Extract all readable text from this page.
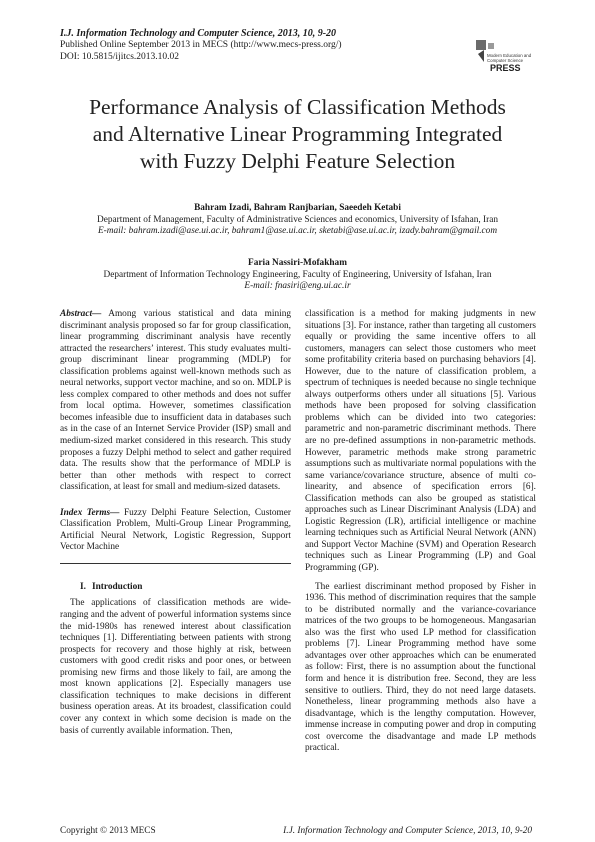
I.J. Information Technology and Computer Science, 2013, 10, 9-20
Published Online September 2013 in MECS (http://www.mecs-press.org/)
DOI: 10.5815/ijitcs.2013.10.02	Modern Education and
Computer Science
PRESS
Performance Analysis of Classification Methods
and Alternative Linear Programming Integrated
with Fuzzy Delphi Feature Selection
Bahram Izadi, Bahram Ranjbarian, Saeedeh Ketabi
Department of Management, Faculty of Administrative Sciences and economics, University of Isfahan, Iran
E-mail: bahram.izadi@ase.ui.ac.ir, bahram1@ase.ui.ac.ir, sketabi@ase.ui.ac.ir, izady.bahram@gmail.com
Faria Nassiri-Mofakham
Department of Information Technology Engineering, Faculty of Engineering, University of Isfahan, Iran
E-mail: fnasiri@eng.ui.ac.ir

Abstract— Among various statistical and data mining discriminant analysis proposed so far for group classification, linear programming discriminant analysis have recently attracted the researchers’ interest. This study evaluates multi-group discriminant linear programming (MDLP) for classification problems against well-known methods such as neural networks, support vector machine, and so on. MDLP is less complex compared to other methods and does not suffer from local optima. However, sometimes classification becomes infeasible due to insufficient data in databases such as in the case of an Internet Service Provider (ISP) small and medium-sized market considered in this research. This study proposes a fuzzy Delphi method to select and gather required data. The results show that the performance of MDLP is better than other methods with respect to correct classification, at least for small and medium-sized datasets.

Index Terms— Fuzzy Delphi Feature Selection, Customer Classification Problem, Multi-Group Linear Programming, Artificial Neural Network, Logistic Regression, Support Vector Machine

I. Introduction

The applications of classification methods are wide-ranging and the advent of powerful information systems since the mid-1980s has renewed interest about classification techniques [1]. Differentiating between patients with strong prospects for recovery and those highly at risk, between customers with good credit risks and poor ones, or between promising new firms and those likely to fail, are among the most known applications [2]. Especially managers use classification techniques to make decisions in different business operation areas. At its broadest, classification could cover any context in which some decision is made on the basis of currently available information. Then,

classification is a method for making judgments in new situations [3]. For instance, rather than targeting all customers equally or providing the same incentive offers to all customers, managers can select those customers who meet some profitability criteria based on purchasing behaviors [4]. However, due to the nature of classification problem, a spectrum of techniques is needed because no single technique always outperforms others under all situations [5]. Various methods have been proposed for solving classification problems which can be divided into two categories: parametric and non-parametric discriminant methods. There are no pre-defined assumptions in non-parametric methods. However, parametric methods make strong parametric assumptions such as multivariate normal populations with the same variance/covariance structure, absence of multi co-linearity, and absence of specification errors [6]. Classification methods can also be grouped as statistical approaches such as Linear Discriminant Analysis (LDA) and Logistic Regression (LR), artificial intelligence or machine learning techniques such as Artificial Neural Network (ANN) and Support Vector Machine (SVM) and Operation Research techniques such as Linear Programming (LP) and Goal Programming (GP).

The earliest discriminant method proposed by Fisher in 1936. This method of discrimination requires that the sample to be distributed normally and the variance-covariance matrices of the two groups to be homogeneous. Mangasarian also was the first who used LP method for classification problems [7]. Linear Programming method have some advantages over other approaches which can be enumerated as follow: First, there is no assumption about the functional form and hence it is distribution free. Second, they are less sensitive to outliers. Third, they do not need large datasets. Nonetheless, linear programming methods also have a disadvantage, which is the lengthy computation. However, immense increase in computing power and drop in computing cost overcome the disadvantage and made LP methods practical.

Copyright © 2013 MECS	I.J. Information Technology and Computer Science, 2013, 10, 9-20
